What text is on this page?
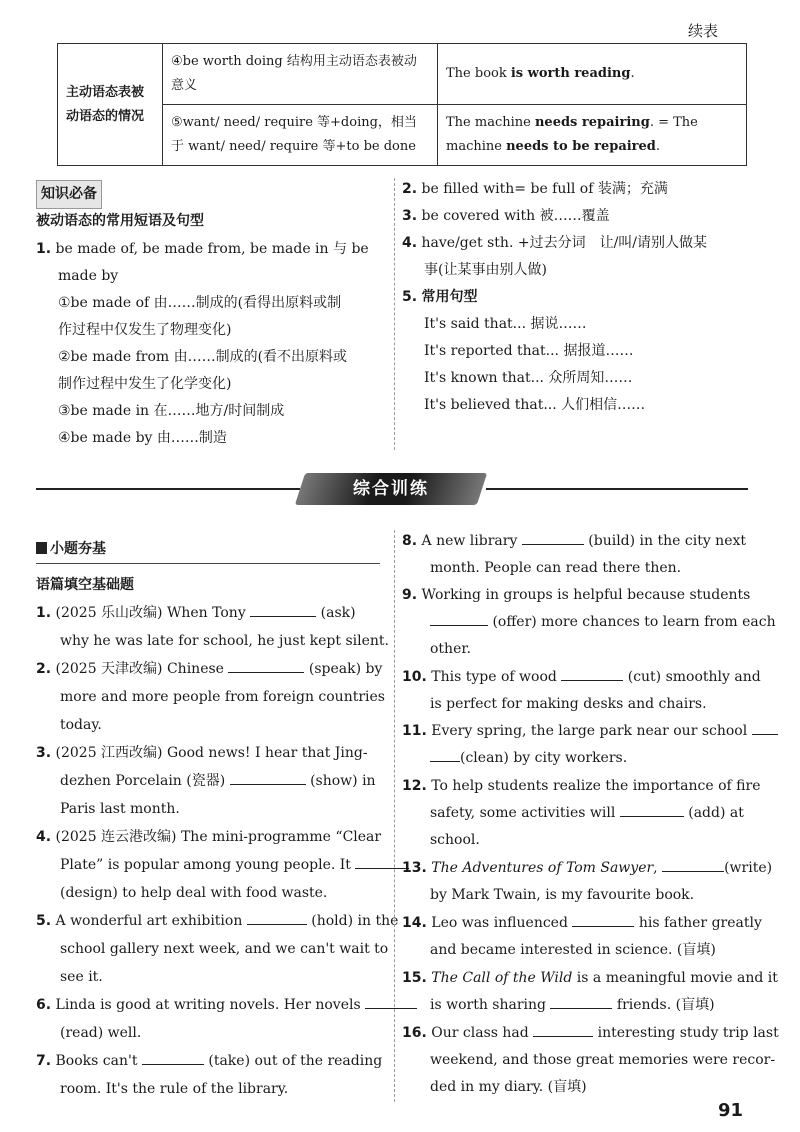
续表
主动语态表被动语态的情况	④be worth doing 结构用主动语态表被动意义	The book is worth reading.
	⑤want/ need/ require 等+doing，相当于 want/ need/ require 等+to be done	The machine needs repairing. = The machine needs to be repaired.
知识必备
被动语态的常用短语及句型
1. be made of, be made from, be made in 与 be
made by
①be made of 由……制成的(看得出原料或制
作过程中仅发生了物理变化)
②be made from 由……制成的(看不出原料或
制作过程中发生了化学变化)
③be made in 在……地方/时间制成
④be made by 由……制造
2. be filled with= be full of 装满；充满
3. be covered with 被……覆盖
4. have/get sth. +过去分词　让/叫/请别人做某
事(让某事由别人做)
5. 常用句型
It's said that... 据说……
It's reported that... 据报道……
It's known that... 众所周知……
It's believed that... 人们相信……
综合训练
小题夯基
语篇填空基础题
1. (2025 乐山改编) When Tony	(ask)
why he was late for school, he just kept silent.
2. (2025 天津改编) Chinese	(speak) by
more and more people from foreign countries
today.
3. (2025 江西改编) Good news! I hear that Jing-
dezhen Porcelain (瓷器)	(show) in
Paris last month.
4. (2025 连云港改编) The mini-programme “Clear
Plate” is popular among young people. It
(design) to help deal with food waste.
5. A wonderful art exhibition	(hold) in the
school gallery next week, and we can't wait to
see it.
6. Linda is good at writing novels. Her novels
(read) well.
7. Books can't	(take) out of the reading
room. It's the rule of the library.
8. A new library	(build) in the city next
month. People can read there then.
9. Working in groups is helpful because students
(offer) more chances to learn from each
other.
10. This type of wood	(cut) smoothly and
is perfect for making desks and chairs.
11. Every spring, the large park near our school
(clean) by city workers.
12. To help students realize the importance of fire
safety, some activities will	(add) at
school.
13. The Adventures of Tom Sawyer,	(write)
by Mark Twain, is my favourite book.
14. Leo was influenced	his father greatly
and became interested in science. (盲填)
15. The Call of the Wild is a meaningful movie and it
is worth sharing	friends. (盲填)
16. Our class had	interesting study trip last
weekend, and those great memories were recor-
ded in my diary. (盲填)
91
